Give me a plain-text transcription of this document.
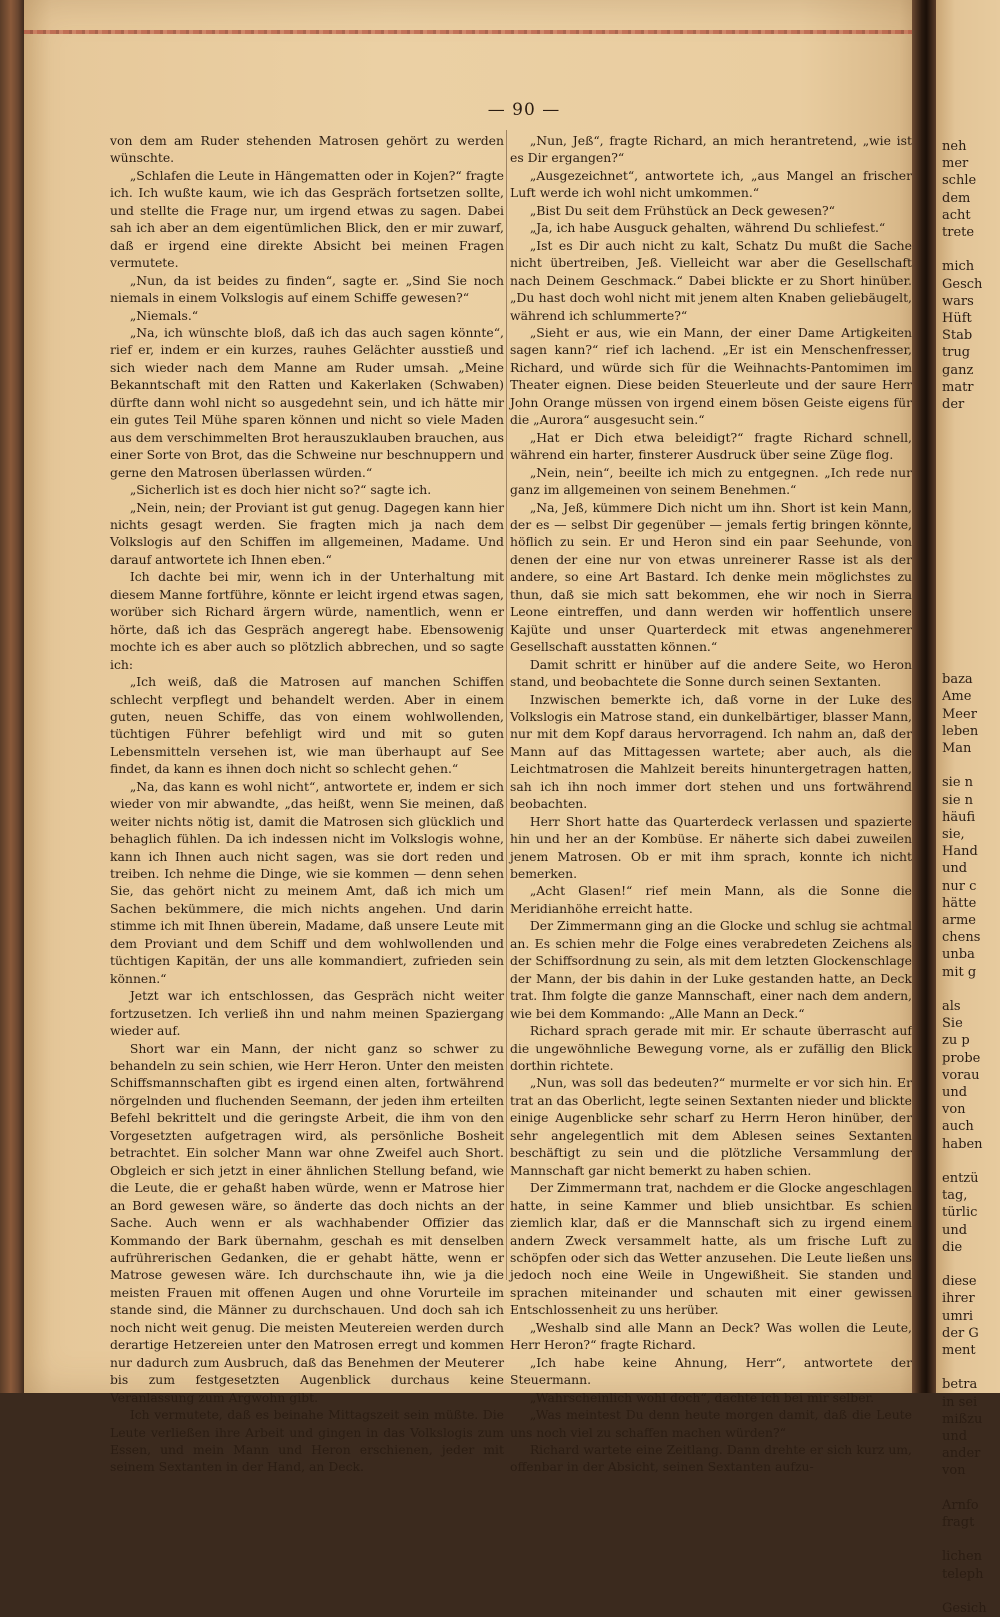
— 90 —

von dem am Ruder stehenden Matrosen gehört zu werden wünschte.

„Schlafen die Leute in Hängematten oder in Kojen?“ fragte ich. Ich wußte kaum, wie ich das Gespräch fortsetzen sollte, und stellte die Frage nur, um irgend etwas zu sagen. Dabei sah ich aber an dem eigentümlichen Blick, den er mir zuwarf, daß er irgend eine direkte Absicht bei meinen Fragen vermutete.

„Nun, da ist beides zu finden“, sagte er. „Sind Sie noch niemals in einem Volkslogis auf einem Schiffe gewesen?“

„Niemals.“

„Na, ich wünschte bloß, daß ich das auch sagen könnte“, rief er, indem er ein kurzes, rauhes Gelächter ausstieß und sich wieder nach dem Manne am Ruder umsah. „Meine Bekanntschaft mit den Ratten und Kakerlaken (Schwaben) dürfte dann wohl nicht so ausgedehnt sein, und ich hätte mir ein gutes Teil Mühe sparen können und nicht so viele Maden aus dem verschimmelten Brot herauszuklauben brauchen, aus einer Sorte von Brot, das die Schweine nur beschnuppern und gerne den Matrosen überlassen würden.“

„Sicherlich ist es doch hier nicht so?“ sagte ich.

„Nein, nein; der Proviant ist gut genug. Dagegen kann hier nichts gesagt werden. Sie fragten mich ja nach dem Volkslogis auf den Schiffen im allgemeinen, Madame. Und darauf antwortete ich Ihnen eben.“

Ich dachte bei mir, wenn ich in der Unterhaltung mit diesem Manne fortführe, könnte er leicht irgend etwas sagen, worüber sich Richard ärgern würde, namentlich, wenn er hörte, daß ich das Gespräch angeregt habe. Ebensowenig mochte ich es aber auch so plötzlich abbrechen, und so sagte ich:

„Ich weiß, daß die Matrosen auf manchen Schiffen schlecht verpflegt und behandelt werden. Aber in einem guten, neuen Schiffe, das von einem wohlwollenden, tüchtigen Führer befehligt wird und mit so guten Lebensmitteln versehen ist, wie man überhaupt auf See findet, da kann es ihnen doch nicht so schlecht gehen.“

„Na, das kann es wohl nicht“, antwortete er, indem er sich wieder von mir abwandte, „das heißt, wenn Sie meinen, daß weiter nichts nötig ist, damit die Matrosen sich glücklich und behaglich fühlen. Da ich indessen nicht im Volkslogis wohne, kann ich Ihnen auch nicht sagen, was sie dort reden und treiben. Ich nehme die Dinge, wie sie kommen — denn sehen Sie, das gehört nicht zu meinem Amt, daß ich mich um Sachen bekümmere, die mich nichts angehen. Und darin stimme ich mit Ihnen überein, Madame, daß unsere Leute mit dem Proviant und dem Schiff und dem wohlwollenden und tüchtigen Kapitän, der uns alle kommandiert, zufrieden sein können.“

Jetzt war ich entschlossen, das Gespräch nicht weiter fortzusetzen. Ich verließ ihn und nahm meinen Spaziergang wieder auf.

Short war ein Mann, der nicht ganz so schwer zu behandeln zu sein schien, wie Herr Heron. Unter den meisten Schiffsmannschaften gibt es irgend einen alten, fortwährend nörgelnden und fluchenden Seemann, der jeden ihm erteilten Befehl bekrittelt und die geringste Arbeit, die ihm von den Vorgesetzten aufgetragen wird, als persönliche Bosheit betrachtet. Ein solcher Mann war ohne Zweifel auch Short. Obgleich er sich jetzt in einer ähnlichen Stellung befand, wie die Leute, die er gehaßt haben würde, wenn er Matrose hier an Bord gewesen wäre, so änderte das doch nichts an der Sache. Auch wenn er als wachhabender Offizier das Kommando der Bark übernahm, geschah es mit denselben aufrührerischen Gedanken, die er gehabt hätte, wenn er Matrose gewesen wäre. Ich durchschaute ihn, wie ja die meisten Frauen mit offenen Augen und ohne Vorurteile im stande sind, die Männer zu durchschauen. Und doch sah ich noch nicht weit genug. Die meisten Meutereien werden durch derartige Hetzereien unter den Matrosen erregt und kommen nur dadurch zum Ausbruch, daß das Benehmen der Meuterer bis zum festgesetzten Augenblick durchaus keine Veranlassung zum Argwohn gibt.

Ich vermutete, daß es beinahe Mittagszeit sein müßte. Die Leute verließen ihre Arbeit und gingen in das Volkslogis zum Essen, und mein Mann und Heron erschienen, jeder mit seinem Sextanten in der Hand, an Deck.

„Nun, Jeß“, fragte Richard, an mich herantretend, „wie ist es Dir ergangen?“

„Ausgezeichnet“, antwortete ich, „aus Mangel an frischer Luft werde ich wohl nicht umkommen.“

„Bist Du seit dem Frühstück an Deck gewesen?“

„Ja, ich habe Ausguck gehalten, während Du schliefest.“

„Ist es Dir auch nicht zu kalt, Schatz Du mußt die Sache nicht übertreiben, Jeß. Vielleicht war aber die Gesellschaft nach Deinem Geschmack.“ Dabei blickte er zu Short hinüber. „Du hast doch wohl nicht mit jenem alten Knaben geliebäugelt, während ich schlummerte?“

„Sieht er aus, wie ein Mann, der einer Dame Artigkeiten sagen kann?“ rief ich lachend. „Er ist ein Menschenfresser, Richard, und würde sich für die Weihnachts-Pantomimen im Theater eignen. Diese beiden Steuerleute und der saure Herr John Orange müssen von irgend einem bösen Geiste eigens für die „Aurora“ ausgesucht sein.“

„Hat er Dich etwa beleidigt?“ fragte Richard schnell, während ein harter, finsterer Ausdruck über seine Züge flog.

„Nein, nein“, beeilte ich mich zu entgegnen. „Ich rede nur ganz im allgemeinen von seinem Benehmen.“

„Na, Jeß, kümmere Dich nicht um ihn. Short ist kein Mann, der es — selbst Dir gegenüber — jemals fertig bringen könnte, höflich zu sein. Er und Heron sind ein paar Seehunde, von denen der eine nur von etwas unreinerer Rasse ist als der andere, so eine Art Bastard. Ich denke mein möglichstes zu thun, daß sie mich satt bekommen, ehe wir noch in Sierra Leone eintreffen, und dann werden wir hoffentlich unsere Kajüte und unser Quarterdeck mit etwas angenehmerer Gesellschaft ausstatten können.“

Damit schritt er hinüber auf die andere Seite, wo Heron stand, und beobachtete die Sonne durch seinen Sextanten.

Inzwischen bemerkte ich, daß vorne in der Luke des Volkslogis ein Matrose stand, ein dunkelbärtiger, blasser Mann, nur mit dem Kopf daraus hervorragend. Ich nahm an, daß der Mann auf das Mittagessen wartete; aber auch, als die Leichtmatrosen die Mahlzeit bereits hinuntergetragen hatten, sah ich ihn noch immer dort stehen und uns fortwährend beobachten.

Herr Short hatte das Quarterdeck verlassen und spazierte hin und her an der Kombüse. Er näherte sich dabei zuweilen jenem Matrosen. Ob er mit ihm sprach, konnte ich nicht bemerken.

„Acht Glasen!“ rief mein Mann, als die Sonne die Meridianhöhe erreicht hatte.

Der Zimmermann ging an die Glocke und schlug sie achtmal an. Es schien mehr die Folge eines verabredeten Zeichens als der Schiffsordnung zu sein, als mit dem letzten Glockenschlage der Mann, der bis dahin in der Luke gestanden hatte, an Deck trat. Ihm folgte die ganze Mannschaft, einer nach dem andern, wie bei dem Kommando: „Alle Mann an Deck.“

Richard sprach gerade mit mir. Er schaute überrascht auf die ungewöhnliche Bewegung vorne, als er zufällig den Blick dorthin richtete.

„Nun, was soll das bedeuten?“ murmelte er vor sich hin. Er trat an das Oberlicht, legte seinen Sextanten nieder und blickte einige Augenblicke sehr scharf zu Herrn Heron hinüber, der sehr angelegentlich mit dem Ablesen seines Sextanten beschäftigt zu sein und die plötzliche Versammlung der Mannschaft gar nicht bemerkt zu haben schien.

Der Zimmermann trat, nachdem er die Glocke angeschlagen hatte, in seine Kammer und blieb unsichtbar. Es schien ziemlich klar, daß er die Mannschaft sich zu irgend einem andern Zweck versammelt hatte, als um frische Luft zu schöpfen oder sich das Wetter anzusehen. Die Leute ließen uns jedoch noch eine Weile in Ungewißheit. Sie standen und sprachen miteinander und schauten mit einer gewissen Entschlossenheit zu uns herüber.

„Weshalb sind alle Mann an Deck? Was wollen die Leute, Herr Heron?“ fragte Richard.

„Ich habe keine Ahnung, Herr“, antwortete der Steuermann.

„Wahrscheinlich wohl doch“, dachte ich bei mir selber.

„Was meintest Du denn heute morgen damit, daß die Leute uns noch viel zu schaffen machen würden?“

Richard wartete eine Zeitlang. Dann drehte er sich kurz um, offenbar in der Absicht, seinen Sextanten aufzu-

neh
mer
schle
dem
acht
trete
mich
Gesch
wars
Hüft
Stab
trug
ganz
matr
der
baza
Ame
Meer
leben
Man
sie n
sie n
häufi
sie,
Hand
und
nur c
hätte
arme
chens
unba
mit g
als
Sie
zu p
probe
vorau
und
von
auch
haben
entzü
tag,
türlic
und
die
diese
ihrer
umri
der G
ment
betra
in sei
mißzu
und
ander
von
Arnfo
fragt
lichen
teleph
Gesich
